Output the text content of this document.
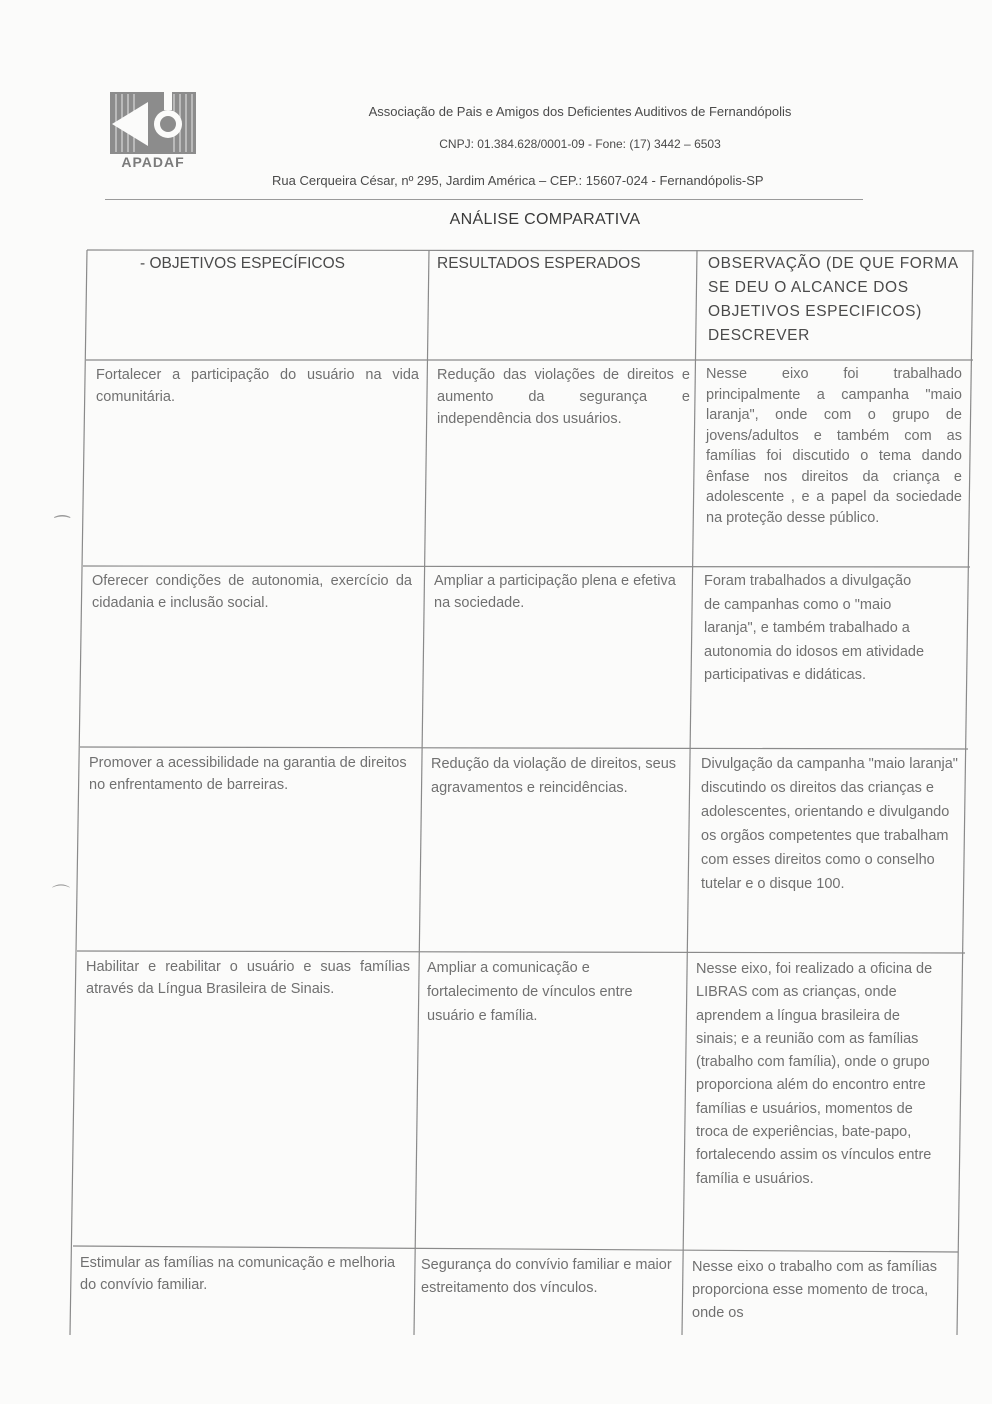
APADAF
Associação de Pais e Amigos dos Deficientes Auditivos de Fernandópolis
CNPJ: 01.384.628/0001-09 - Fone: (17) 3442 – 6503
Rua Cerqueira César, nº 295, Jardim América – CEP.: 15607-024 - Fernandópolis-SP
ANÁLISE COMPARATIVA
- OBJETIVOS ESPECÍFICOS	RESULTADOS ESPERADOS	OBSERVAÇÃO (DE QUE FORMA SE DEU O ALCANCE DOS OBJETIVOS ESPECIFICOS) DESCREVER
Fortalecer a participação do usuário na vida comunitária.
Redução das violações de direitos e aumento da segurança e independência dos usuários.
Nesse eixo foi trabalhado principalmente a campanha "maio laranja", onde com o grupo de jovens/adultos e também com as famílias foi discutido o tema dando ênfase nos direitos da criança e adolescente , e a papel da sociedade na proteção desse público.
Oferecer condições de autonomia, exercício da cidadania e inclusão social.
Ampliar a participação plena e efetiva na sociedade.
Foram trabalhados a divulgação de campanhas como o "maio laranja", e também trabalhado a autonomia do idosos em atividade participativas e didáticas.
Promover a acessibilidade na garantia de direitos no enfrentamento de barreiras.
Redução da violação de direitos, seus agravamentos e reincidências.
Divulgação da campanha "maio laranja" discutindo os direitos das crianças e adolescentes, orientando e divulgando os orgãos competentes que trabalham com esses direitos como o conselho tutelar e o disque 100.
Habilitar e reabilitar o usuário e suas famílias através da Língua Brasileira de Sinais.
Ampliar a comunicação e fortalecimento de vínculos entre usuário e família.
Nesse eixo, foi realizado a oficina de LIBRAS com as crianças, onde aprendem a língua brasileira de sinais; e a reunião com as famílias (trabalho com família), onde o grupo proporciona além do encontro entre famílias e usuários, momentos de troca de experiências, bate-papo, fortalecendo assim os vínculos entre família e usuários.
Estimular as famílias na comunicação e melhoria do convívio familiar.
Segurança do convívio familiar e maior estreitamento dos vínculos.
Nesse eixo o trabalho com as famílias proporciona esse momento de troca, onde os
⁀
⌒
